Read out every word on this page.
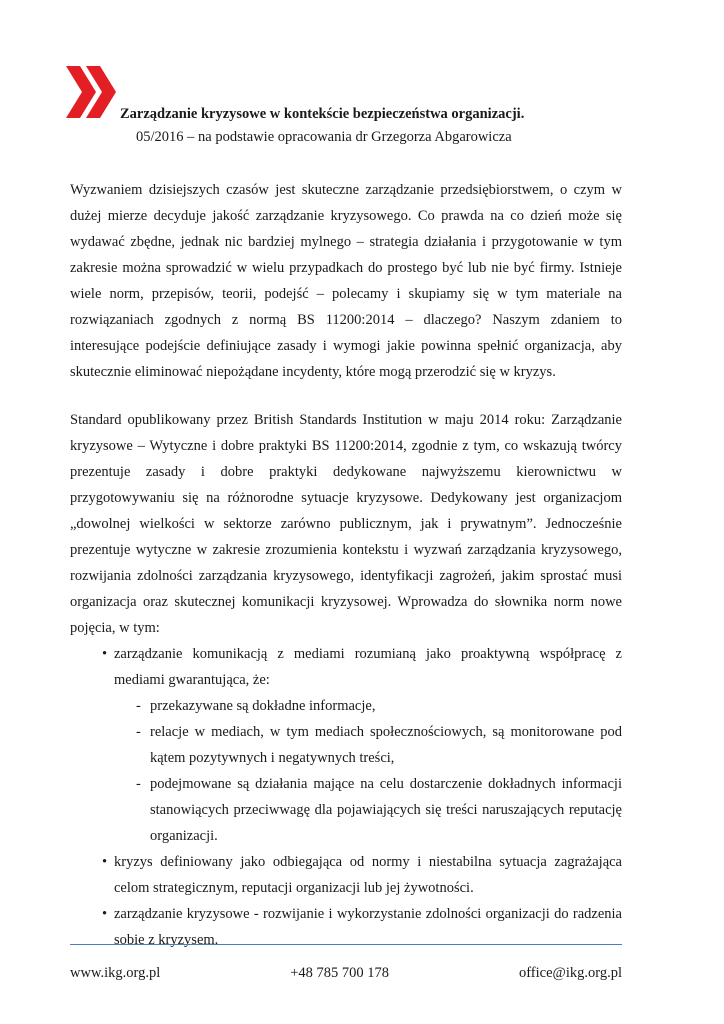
Zarządzanie kryzysowe w kontekście bezpieczeństwa organizacji.
05/2016 – na podstawie opracowania dr Grzegorza Abgarowicza

Wyzwaniem dzisiejszych czasów jest skuteczne zarządzanie przedsiębiorstwem, o czym w dużej mierze decyduje jakość zarządzanie kryzysowego. Co prawda na co dzień może się wydawać zbędne, jednak nic bardziej mylnego – strategia działania i przygotowanie w tym zakresie można sprowadzić w wielu przypadkach do prostego być lub nie być firmy. Istnieje wiele norm, przepisów, teorii, podejść – polecamy i skupiamy się w tym materiale na rozwiązaniach zgodnych z normą BS 11200:2014 – dlaczego? Naszym zdaniem to interesujące podejście definiujące zasady i wymogi jakie powinna spełnić organizacja, aby skutecznie eliminować niepożądane incydenty, które mogą przerodzić się w kryzys.

Standard opublikowany przez British Standards Institution w maju 2014 roku: Zarządzanie kryzysowe – Wytyczne i dobre praktyki BS 11200:2014, zgodnie z tym, co wskazują twórcy prezentuje zasady i dobre praktyki dedykowane najwyższemu kierownictwu w przygotowywaniu się na różnorodne sytuacje kryzysowe. Dedykowany jest organizacjom „dowolnej wielkości w sektorze zarówno publicznym, jak i prywatnym”. Jednocześnie prezentuje wytyczne w zakresie zrozumienia kontekstu i wyzwań zarządzania kryzysowego, rozwijania zdolności zarządzania kryzysowego, identyfikacji zagrożeń, jakim sprostać musi organizacja oraz skutecznej komunikacji kryzysowej. Wprowadza do słownika norm nowe pojęcia, w tym:

• zarządzanie komunikacją z mediami rozumianą jako proaktywną współpracę z mediami gwarantująca, że:
- przekazywane są dokładne informacje,
- relacje w mediach, w tym mediach społecznościowych, są monitorowane pod kątem pozytywnych i negatywnych treści,
- podejmowane są działania mające na celu dostarczenie dokładnych informacji stanowiących przeciwwagę dla pojawiających się treści naruszających reputację organizacji.
• kryzys definiowany jako odbiegająca od normy i niestabilna sytuacja zagrażająca celom strategicznym, reputacji organizacji lub jej żywotności.
• zarządzanie kryzysowe - rozwijanie i wykorzystanie zdolności organizacji do radzenia sobie z kryzysem.
www.ikg.org.pl	+48 785 700 178	office@ikg.org.pl
